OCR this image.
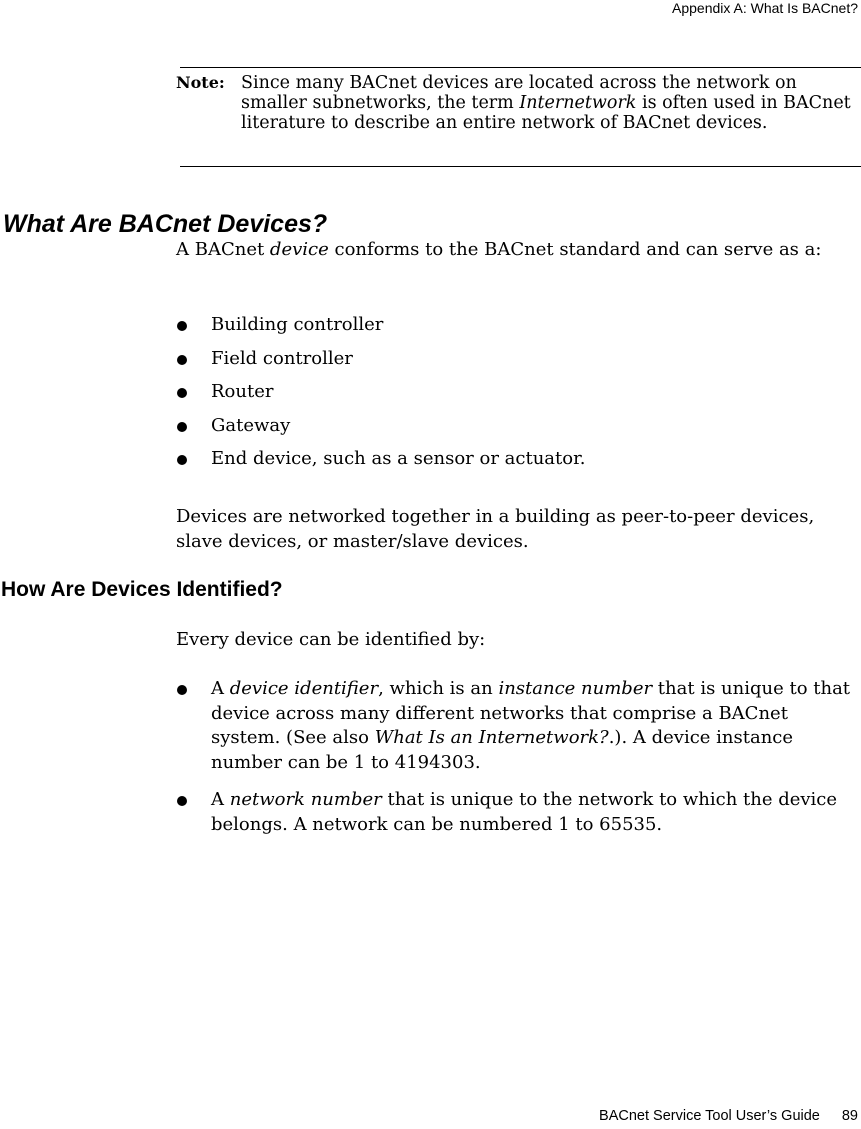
Appendix A: What Is BACnet?
Note: Since many BACnet devices are located across the network on smaller subnetworks, the term Internetwork is often used in BACnet literature to describe an entire network of BACnet devices.
What Are BACnet Devices?
A BACnet device conforms to the BACnet standard and can serve as a:
Building controller
Field controller
Router
Gateway
End device, such as a sensor or actuator.
Devices are networked together in a building as peer-to-peer devices, slave devices, or master/slave devices.
How Are Devices Identified?
Every device can be identified by:
A device identifier, which is an instance number that is unique to that device across many different networks that comprise a BACnet system. (See also What Is an Internetwork?.). A device instance number can be 1 to 4194303.
A network number that is unique to the network to which the device belongs. A network can be numbered 1 to 65535.
BACnet Service Tool User’s Guide 89
